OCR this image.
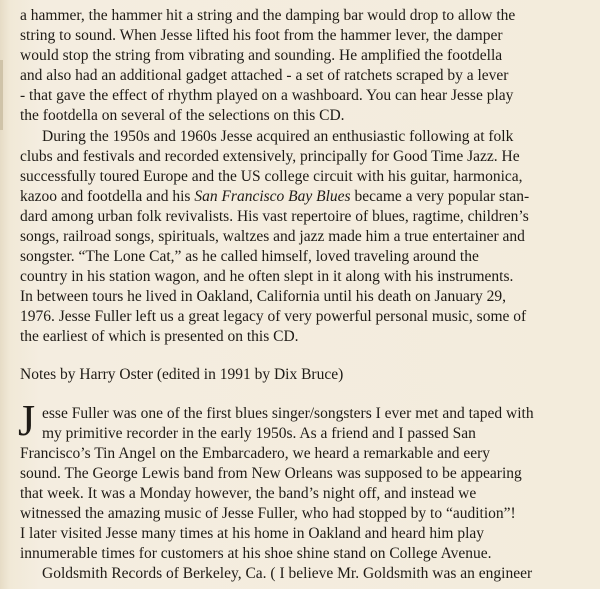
a hammer, the hammer hit a string and the damping bar would drop to allow the
string to sound. When Jesse lifted his foot from the hammer lever, the damper
would stop the string from vibrating and sounding. He amplified the footdella
and also had an additional gadget attached - a set of ratchets scraped by a lever
- that gave the effect of rhythm played on a washboard. You can hear Jesse play
the footdella on several of the selections on this CD.
During the 1950s and 1960s Jesse acquired an enthusiastic following at folk
clubs and festivals and recorded extensively, principally for Good Time Jazz. He
successfully toured Europe and the US college circuit with his guitar, harmonica,
kazoo and footdella and his San Francisco Bay Blues became a very popular stan-
dard among urban folk revivalists. His vast repertoire of blues, ragtime, children’s
songs, railroad songs, spirituals, waltzes and jazz made him a true entertainer and
songster. “The Lone Cat,” as he called himself, loved traveling around the
country in his station wagon, and he often slept in it along with his instruments.
In between tours he lived in Oakland, California until his death on January 29,
1976. Jesse Fuller left us a great legacy of very powerful personal music, some of
the earliest of which is presented on this CD.
Notes by Harry Oster (edited in 1991 by Dix Bruce)
J esse Fuller was one of the first blues singer/songsters I ever met and taped with
my primitive recorder in the early 1950s. As a friend and I passed San
Francisco’s Tin Angel on the Embarcadero, we heard a remarkable and eery
sound. The George Lewis band from New Orleans was supposed to be appearing
that week. It was a Monday however, the band’s night off, and instead we
witnessed the amazing music of Jesse Fuller, who had stopped by to “audition”!
I later visited Jesse many times at his home in Oakland and heard him play
innumerable times for customers at his shoe shine stand on College Avenue.
Goldsmith Records of Berkeley, Ca. ( I believe Mr. Goldsmith was an engineer
